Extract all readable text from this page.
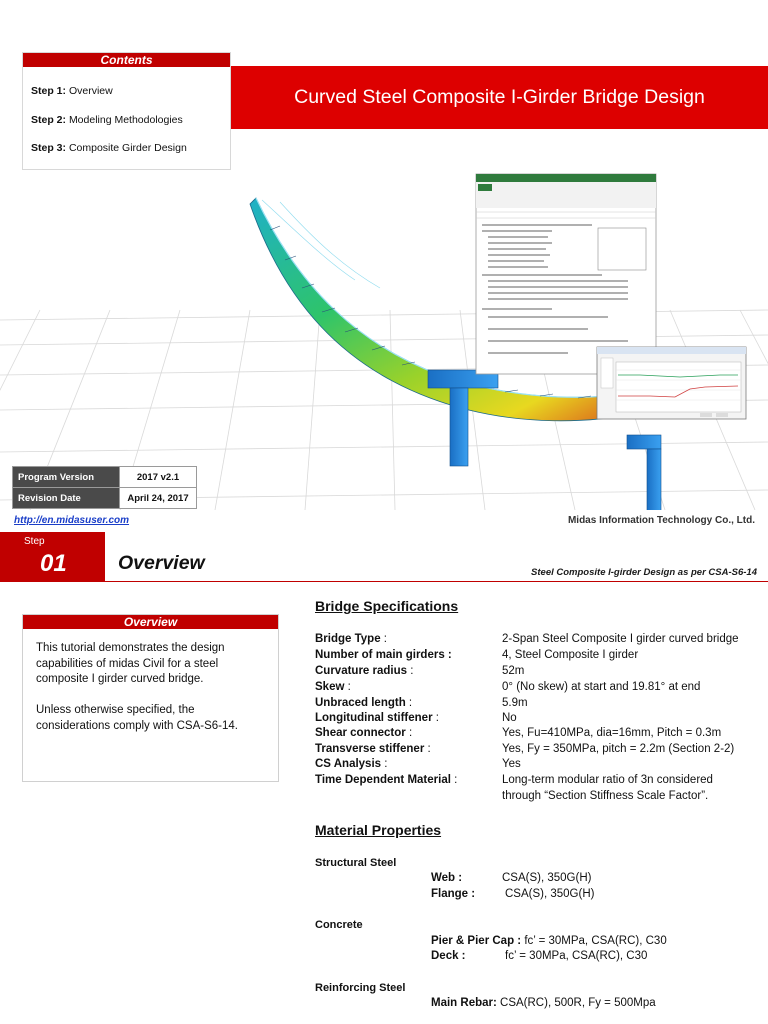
Contents
Step 1: Overview
Step 2: Modeling Methodologies
Step 3: Composite Girder Design
Curved Steel Composite I-Girder Bridge Design
Program Version	2017 v2.1
Revision Date	April 24, 2017
http://en.midasuser.com	Midas Information Technology Co., Ltd.
Step
01	Overview	Steel Composite I-girder Design as per CSA-S6-14
Overview

This tutorial demonstrates the design capabilities of midas Civil for a steel composite I girder curved bridge.

Unless otherwise specified, the considerations comply with CSA-S6-14.

Bridge Specifications
Bridge Type :	2-Span Steel Composite I girder curved bridge
Number of main girders :	4, Steel Composite I girder
Curvature radius :	52m
Skew :	0° (No skew) at start and 19.81° at end
Unbraced length :	5.9m
Longitudinal stiffener :	No
Shear connector :	Yes, Fu=410MPa, dia=16mm, Pitch = 0.3m
Transverse stiffener :	Yes, Fy = 350MPa, pitch = 2.2m (Section 2-2)
CS Analysis :	Yes
Time Dependent Material :	Long-term modular ratio of 3n considered
through “Section Stiffness Scale Factor”.
Material Properties
Structural Steel
Web :	CSA(S), 350G(H)
Flange :	CSA(S), 350G(H)
Concrete
Pier & Pier Cap : fc’ = 30MPa, CSA(RC), C30
Deck :	fc’ = 30MPa, CSA(RC), C30
Reinforcing Steel
Main Rebar: CSA(RC), 500R, Fy = 500Mpa
